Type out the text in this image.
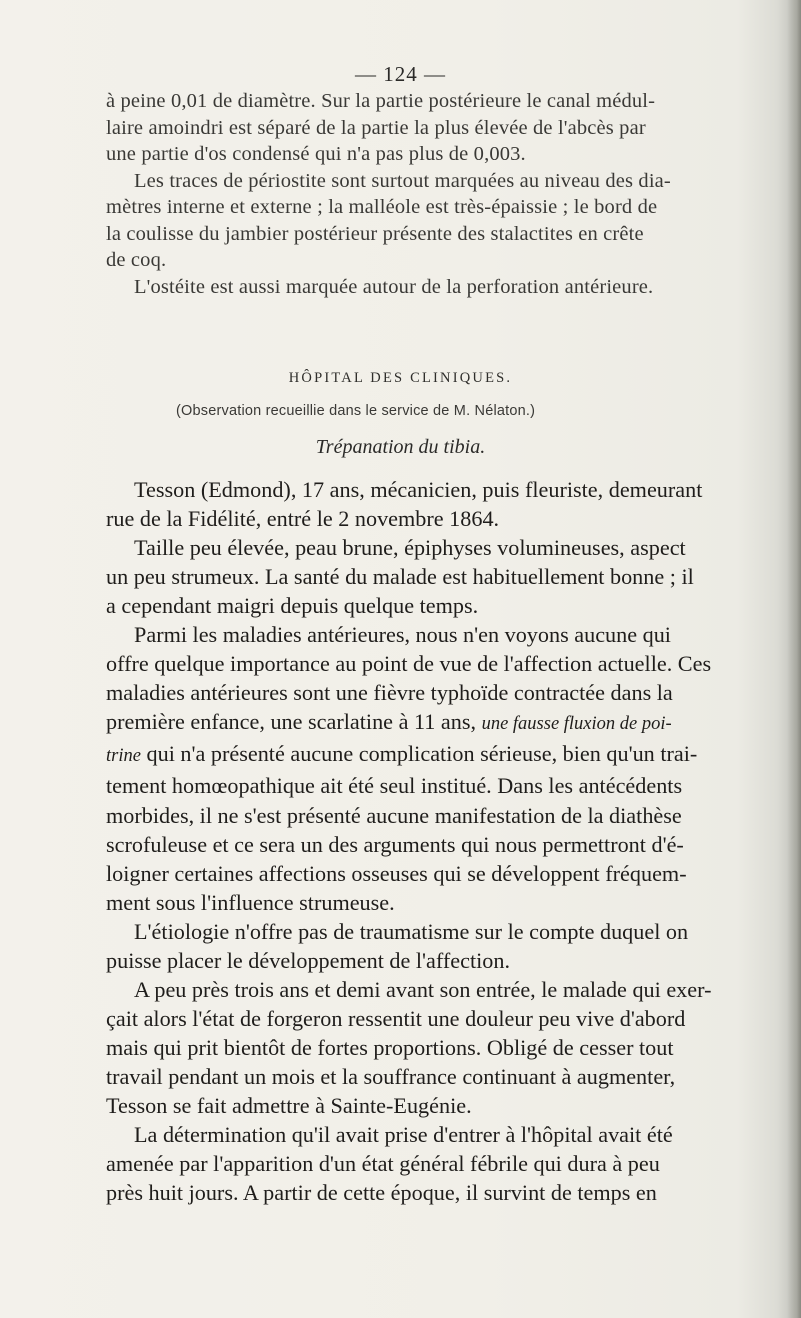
— 124 —
à peine 0,01 de diamètre. Sur la partie postérieure le canal médul-
laire amoindri est séparé de la partie la plus élevée de l'abcès par
une partie d'os condensé qui n'a pas plus de 0,003.
Les traces de périostite sont surtout marquées au niveau des dia-
mètres interne et externe ; la malléole est très-épaissie ; le bord de
la coulisse du jambier postérieur présente des stalactites en crête
de coq.
L'ostéite est aussi marquée autour de la perforation antérieure.
HÔPITAL DES CLINIQUES.
(Observation recueillie dans le service de M. Nélaton.)
Trépanation du tibia.
Tesson (Edmond), 17 ans, mécanicien, puis fleuriste, demeurant
rue de la Fidélité, entré le 2 novembre 1864.
Taille peu élevée, peau brune, épiphyses volumineuses, aspect
un peu strumeux. La santé du malade est habituellement bonne ; il
a cependant maigri depuis quelque temps.
Parmi les maladies antérieures, nous n'en voyons aucune qui
offre quelque importance au point de vue de l'affection actuelle. Ces
maladies antérieures sont une fièvre typhoïde contractée dans la
première enfance, une scarlatine à 11 ans, une fausse fluxion de poi-
trine qui n'a présenté aucune complication sérieuse, bien qu'un trai-
tement homœopathique ait été seul institué. Dans les antécédents
morbides, il ne s'est présenté aucune manifestation de la diathèse
scrofuleuse et ce sera un des arguments qui nous permettront d'é-
loigner certaines affections osseuses qui se développent fréquem-
ment sous l'influence strumeuse.
L'étiologie n'offre pas de traumatisme sur le compte duquel on
puisse placer le développement de l'affection.
A peu près trois ans et demi avant son entrée, le malade qui exer-
çait alors l'état de forgeron ressentit une douleur peu vive d'abord
mais qui prit bientôt de fortes proportions. Obligé de cesser tout
travail pendant un mois et la souffrance continuant à augmenter,
Tesson se fait admettre à Sainte-Eugénie.
La détermination qu'il avait prise d'entrer à l'hôpital avait été
amenée par l'apparition d'un état général fébrile qui dura à peu
près huit jours. A partir de cette époque, il survint de temps en
